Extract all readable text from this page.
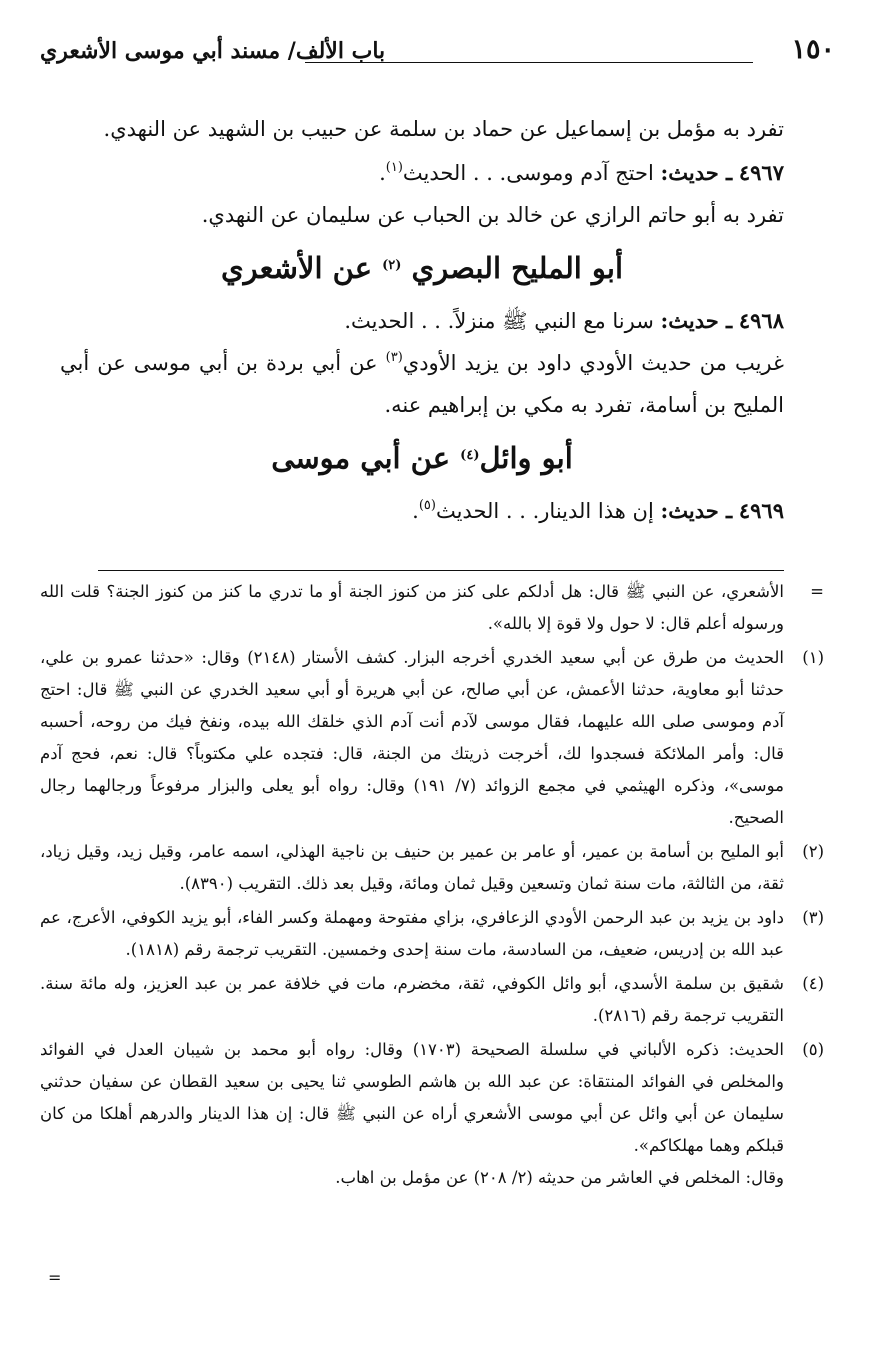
باب الألف/ مسند أبي موسى الأشعري	١٥٠

تفرد به مؤمل بن إسماعيل عن حماد بن سلمة عن حبيب بن الشهيد عن النهدي.

٤٩٦٧ ـ حديث: احتج آدم وموسى. . . الحديث$^{(١)}$.

تفرد به أبو حاتم الرازي عن خالد بن الحباب عن سليمان عن النهدي.

أبو المليح البصري $^{(٢)}$ عن الأشعري

٤٩٦٨ ـ حديث: سرنا مع النبي ﷺ منزلاً. . . الحديث.

غريب من حديث الأودي داود بن يزيد الأودي$^{(٣)}$ عن أبي بردة بن أبي موسى عن أبي المليح بن أسامة، تفرد به مكي بن إبراهيم عنه.

أبو وائل$^{(٤)}$ عن أبي موسى

٤٩٦٩ ـ حديث: إن هذا الدينار. . . الحديث$^{(٥)}$.

=

الأشعري، عن النبي ﷺ قال: هل أدلكم على كنز من كنوز الجنة أو ما تدري ما كنز من كنوز الجنة؟ قلت الله ورسوله أعلم قال: لا حول ولا قوة إلا بالله».

(١)

الحديث من طرق عن أبي سعيد الخدري أخرجه البزار. كشف الأستار (٢١٤٨) وقال: «حدثنا عمرو بن علي، حدثنا أبو معاوية، حدثنا الأعمش، عن أبي صالح، عن أبي هريرة أو أبي سعيد الخدري عن النبي ﷺ قال: احتج آدم وموسى صلى الله عليهما، فقال موسى لآدم أنت آدم الذي خلقك الله بيده، ونفخ فيك من روحه، أحسبه قال: وأمر الملائكة فسجدوا لك، أخرجت ذريتك من الجنة، قال: فتجده علي مكتوباً؟ قال: نعم، فحج آدم موسى»، وذكره الهيثمي في مجمع الزوائد (٧/ ١٩١) وقال: رواه أبو يعلى والبزار مرفوعاً ورجالهما رجال الصحيح.

(٢)

أبو المليح بن أسامة بن عمير، أو عامر بن عمير بن حنيف بن ناجية الهذلي، اسمه عامر، وقيل زيد، وقيل زياد، ثقة، من الثالثة، مات سنة ثمان وتسعين وقيل ثمان ومائة، وقيل بعد ذلك. التقريب (٨٣٩٠).

(٣)

داود بن يزيد بن عبد الرحمن الأودي الزعافري، بزاي مفتوحة ومهملة وكسر الفاء، أبو يزيد الكوفي، الأعرج، عم عبد الله بن إدريس، ضعيف، من السادسة، مات سنة إحدى وخمسين. التقريب ترجمة رقم (١٨١٨).

(٤)

شقيق بن سلمة الأسدي، أبو وائل الكوفي، ثقة، مخضرم، مات في خلافة عمر بن عبد العزيز، وله مائة سنة. التقريب ترجمة رقم (٢٨١٦).

(٥)

الحديث: ذكره الألباني في سلسلة الصحيحة (١٧٠٣) وقال: رواه أبو محمد بن شيبان العدل في الفوائد والمخلص في الفوائد المنتقاة: عن عبد الله بن هاشم الطوسي ثنا يحيى بن سعيد القطان عن سفيان حدثني سليمان عن أبي وائل عن أبي موسى الأشعري أراه عن النبي ﷺ قال: إن هذا الدينار والدرهم أهلكا من كان قبلكم وهما مهلكاكم».

وقال: المخلص في العاشر من حديثه (٢/ ٢٠٨) عن مؤمل بن اهاب.

=
